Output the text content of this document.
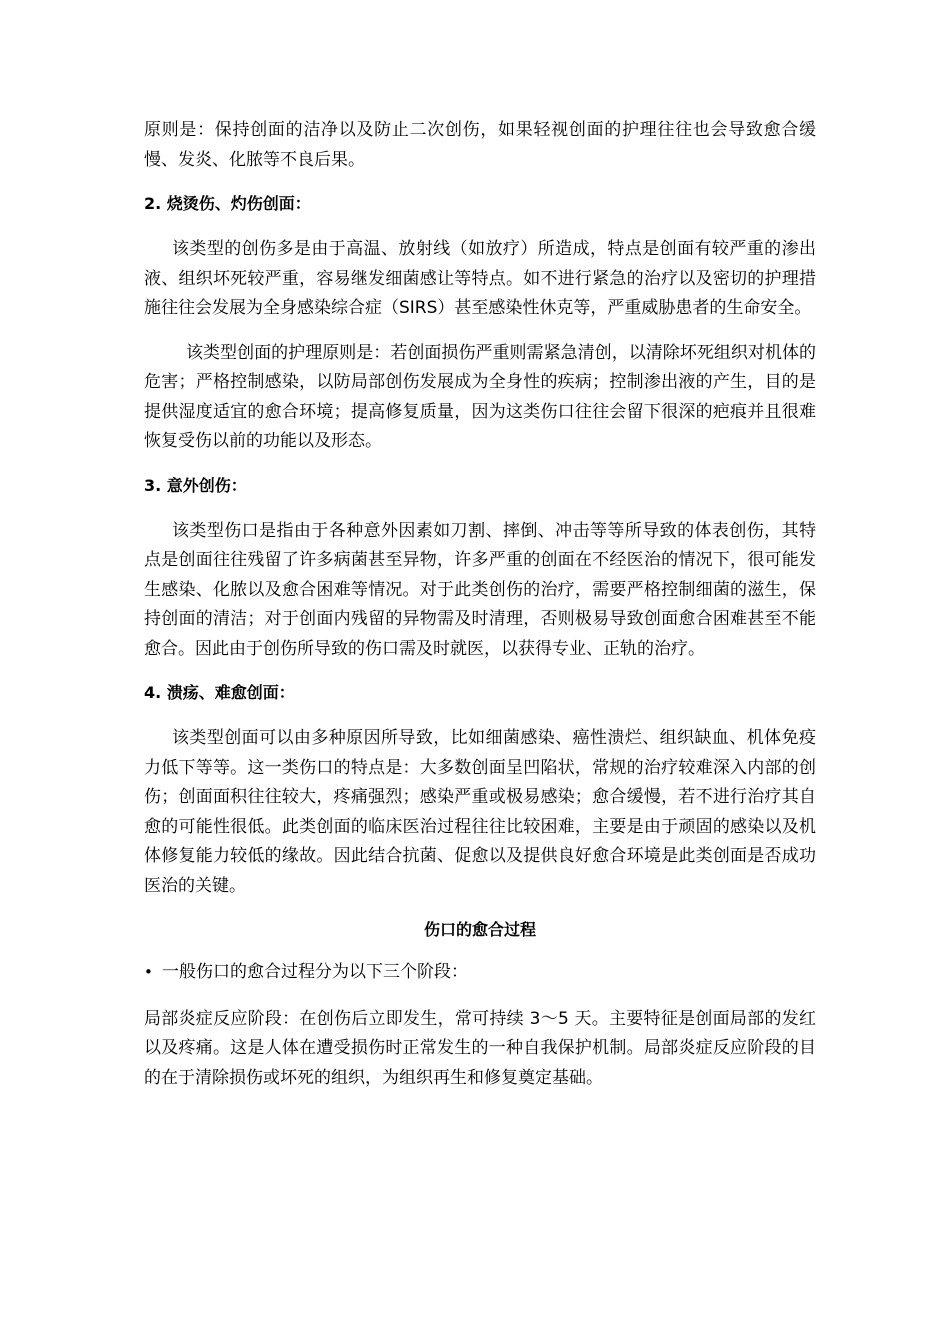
原则是：保持创面的洁净以及防止二次创伤，如果轻视创面的护理往往也会导致愈合缓慢、发炎、化脓等不良后果。

2. 烧烫伤、灼伤创面：

该类型的创伤多是由于高温、放射线（如放疗）所造成，特点是创面有较严重的渗出液、组织坏死较严重，容易继发细菌感让等特点。如不进行紧急的治疗以及密切的护理措施往往会发展为全身感染综合症（SIRS）甚至感染性休克等，严重威胁患者的生命安全。

该类型创面的护理原则是：若创面损伤严重则需紧急清创，以清除坏死组织对机体的危害；严格控制感染，以防局部创伤发展成为全身性的疾病；控制渗出液的产生，目的是提供湿度适宜的愈合环境；提高修复质量，因为这类伤口往往会留下很深的疤痕并且很难恢复受伤以前的功能以及形态。

3. 意外创伤：

该类型伤口是指由于各种意外因素如刀割、摔倒、冲击等等所导致的体表创伤，其特点是创面往往残留了许多病菌甚至异物，许多严重的创面在不经医治的情况下，很可能发生感染、化脓以及愈合困难等情况。对于此类创伤的治疗，需要严格控制细菌的滋生，保持创面的清洁；对于创面内残留的异物需及时清理，否则极易导致创面愈合困难甚至不能愈合。因此由于创伤所导致的伤口需及时就医，以获得专业、正轨的治疗。

4. 溃疡、难愈创面：

该类型创面可以由多种原因所导致，比如细菌感染、癌性溃烂、组织缺血、机体免疫力低下等等。这一类伤口的特点是：大多数创面呈凹陷状，常规的治疗较难深入内部的创伤；创面面积往往较大，疼痛强烈；感染严重或极易感染；愈合缓慢，若不进行治疗其自愈的可能性很低。此类创面的临床医治过程往往比较困难，主要是由于顽固的感染以及机体修复能力较低的缘故。因此结合抗菌、促愈以及提供良好愈合环境是此类创面是否成功医治的关键。

伤口的愈合过程
• 一般伤口的愈合过程分为以下三个阶段：

局部炎症反应阶段：在创伤后立即发生，常可持续 3～5 天。主要特征是创面局部的发红以及疼痛。这是人体在遭受损伤时正常发生的一种自我保护机制。局部炎症反应阶段的目的在于清除损伤或坏死的组织，为组织再生和修复奠定基础。
